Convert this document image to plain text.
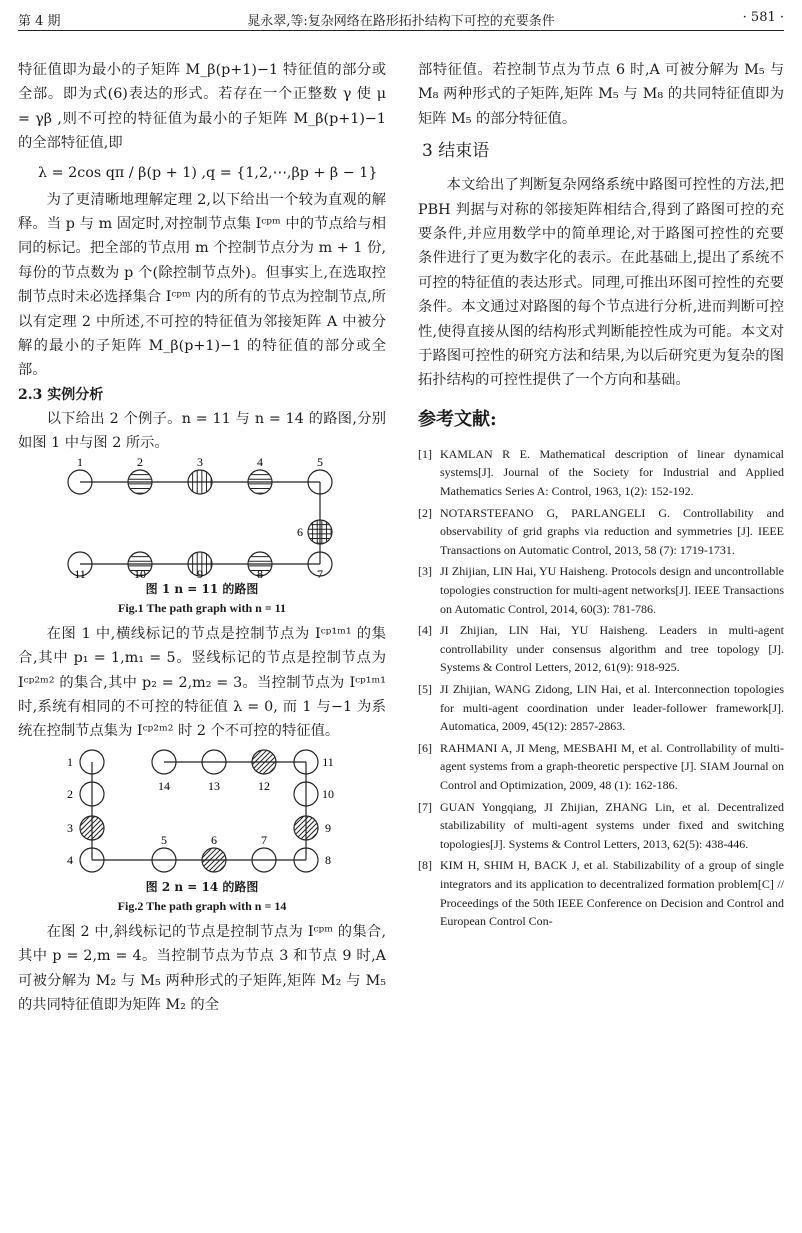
第 4 期	晁永翠,等:复杂网络在路形拓扑结构下可控的充要条件	· 581 ·

特征值即为最小的子矩阵 M_β(p+1)−1 特征值的部分或全部。即为式(6)表达的形式。若存在一个正整数 γ 使 μ = γβ ,则不可控的特征值为最小的子矩阵 M_β(p+1)−1 的全部特征值,即

λ = 2cos qπ / β(p + 1) ,q = {1,2,⋯,βp + β − 1}

为了更清晰地理解定理 2,以下给出一个较为直观的解释。当 p 与 m 固定时,对控制节点集 Iᶜᵖᵐ 中的节点给与相同的标记。把全部的节点用 m 个控制节点分为 m + 1 份,每份的节点数为 p 个(除控制节点外)。但事实上,在选取控制节点时未必选择集合 Iᶜᵖᵐ 内的所有的节点为控制节点,所以有定理 2 中所述,不可控的特征值为邻接矩阵 A 中被分解的最小的子矩阵 M_β(p+1)−1 的特征值的部分或全部。

2.3 实例分析

以下给出 2 个例子。n = 11 与 n = 14 的路图,分别如图 1 中与图 2 所示。

1	2	3	4	5
6
7
8
9
10
11
图 1 n = 11 的路图
Fig.1 The path graph with n = 11

在图 1 中,横线标记的节点是控制节点为 Iᶜᵖ¹ᵐ¹ 的集合,其中 p₁ = 1,m₁ = 5。竖线标记的节点是控制节点为 Iᶜᵖ²ᵐ² 的集合,其中 p₂ = 2,m₂ = 3。当控制节点为 Iᶜᵖ¹ᵐ¹ 时,系统有相同的不可控的特征值 λ = 0, 而 1 与−1 为系统在控制节点集为 Iᶜᵖ²ᵐ² 时 2 个不可控的特征值。

1
2
3
4
5	6	7
8
9
10
11
12
13
14
图 2 n = 14 的路图
Fig.2 The path graph with n = 14

在图 2 中,斜线标记的节点是控制节点为 Iᶜᵖᵐ 的集合,其中 p = 2,m = 4。当控制节点为节点 3 和节点 9 时,A 可被分解为 M₂ 与 M₅ 两种形式的子矩阵,矩阵 M₂ 与 M₅ 的共同特征值即为矩阵 M₂ 的全

部特征值。若控制节点为节点 6 时,A 可被分解为 M₅ 与 M₈ 两种形式的子矩阵,矩阵 M₅ 与 M₈ 的共同特征值即为矩阵 M₅ 的部分特征值。

3 结束语

本文给出了判断复杂网络系统中路图可控性的方法,把 PBH 判据与对称的邻接矩阵相结合,得到了路图可控的充要条件,并应用数学中的简单理论,对于路图可控性的充要条件进行了更为数字化的表示。在此基础上,提出了系统不可控的特征值的表达形式。同理,可推出环图可控性的充要条件。本文通过对路图的每个节点进行分析,进而判断可控性,使得直接从图的结构形式判断能控性成为可能。本文对于路图可控性的研究方法和结果,为以后研究更为复杂的图拓扑结构的可控性提供了一个方向和基础。

参考文献:
[1] KAMLAN R E. Mathematical description of linear dynamical systems[J]. Journal of the Society for Industrial and Applied Mathematics Series A: Control, 1963, 1(2): 152-192.
[2] NOTARSTEFANO G, PARLANGELI G. Controllability and observability of grid graphs via reduction and symmetries [J]. IEEE Transactions on Automatic Control, 2013, 58 (7): 1719-1731.
[3] JI Zhijian, LIN Hai, YU Haisheng. Protocols design and uncontrollable topologies construction for multi-agent networks[J]. IEEE Transactions on Automatic Control, 2014, 60(3): 781-786.
[4] JI Zhijian, LIN Hai, YU Haisheng. Leaders in multi-agent controllability under consensus algorithm and tree topology [J]. Systems & Control Letters, 2012, 61(9): 918-925.
[5] JI Zhijian, WANG Zidong, LIN Hai, et al. Interconnection topologies for multi-agent coordination under leader-follower framework[J]. Automatica, 2009, 45(12): 2857-2863.
[6] RAHMANI A, JI Meng, MESBAHI M, et al. Controllability of multi-agent systems from a graph-theoretic perspective [J]. SIAM Journal on Control and Optimization, 2009, 48 (1): 162-186.
[7] GUAN Yongqiang, JI Zhijian, ZHANG Lin, et al. Decentralized stabilizability of multi-agent systems under fixed and switching topologies[J]. Systems & Control Letters, 2013, 62(5): 438-446.
[8] KIM H, SHIM H, BACK J, et al. Stabilizability of a group of single integrators and its application to decentralized formation problem[C] // Proceedings of the 50th IEEE Conference on Decision and Control and European Control Con-
